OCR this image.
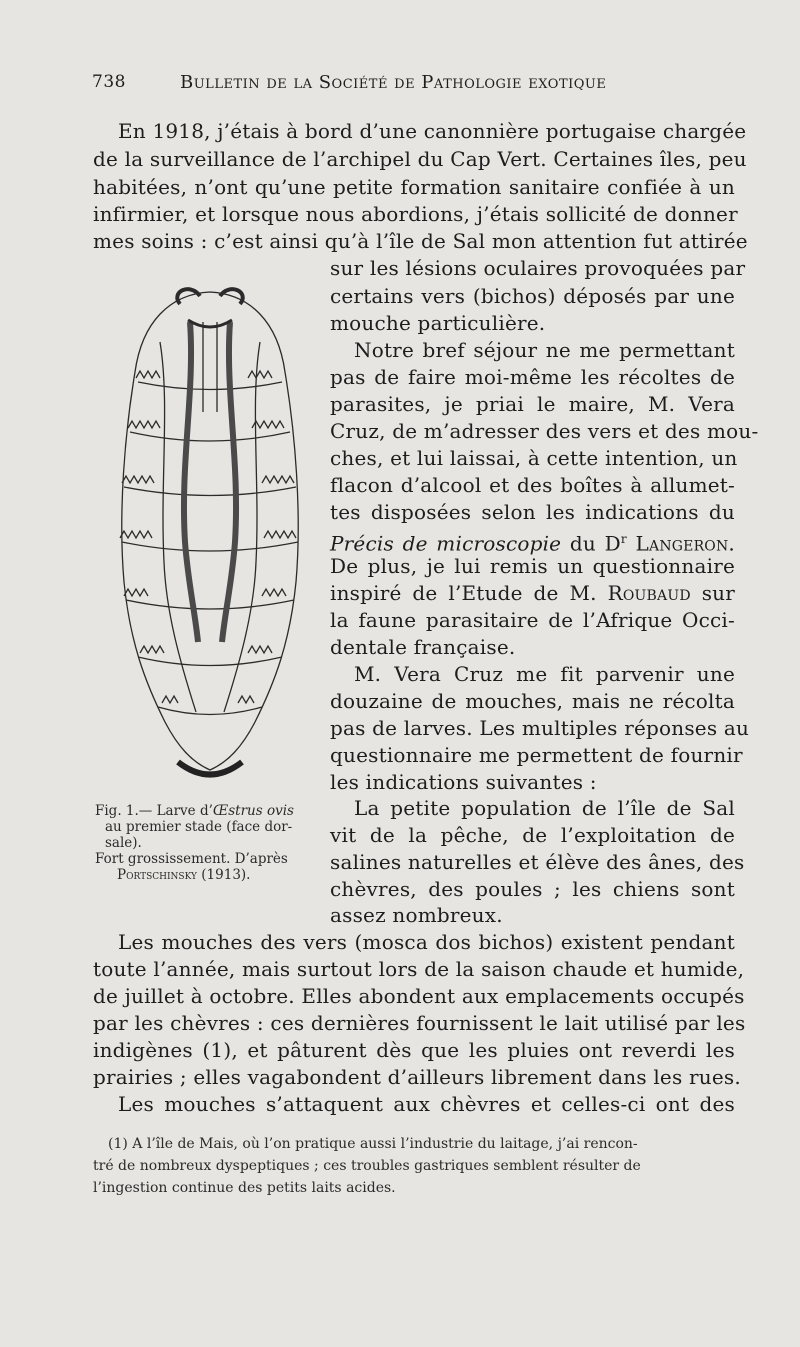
738	Bulletin de la Société de Pathologie exotique
En 1918, j’étais à bord d’une canonnière portugaise chargée
de la surveillance de l’archipel du Cap Vert. Certaines îles, peu
habitées, n’ont qu’une petite formation sanitaire confiée à un
infirmier, et lorsque nous abordions, j’étais sollicité de donner
mes soins : c’est ainsi qu’à l’île de Sal mon attention fut attirée
sur les lésions oculaires provoquées par
certains vers (bichos) déposés par une
mouche particulière.
Notre bref séjour ne me permettant
pas de faire moi-même les récoltes de
parasites, je priai le maire, M. Vera
Cruz, de m’adresser des vers et des mou-
ches, et lui laissai, à cette intention, un
flacon d’alcool et des boîtes à allumet-
tes disposées selon les indications du
Précis de microscopie du $D^r$ Langeron.
De plus, je lui remis un questionnaire
inspiré de l’Etude de M. Roubaud sur
la faune parasitaire de l’Afrique Occi-
dentale française.
M. Vera Cruz me fit parvenir une
douzaine de mouches, mais ne récolta
pas de larves. Les multiples réponses au
questionnaire me permettent de fournir
les indications suivantes :
La petite population de l’île de Sal
vit de la pêche, de l’exploitation de
salines naturelles et élève des ânes, des
chèvres, des poules ; les chiens sont
assez nombreux.
Les mouches des vers (mosca dos bichos) existent pendant
toute l’année, mais surtout lors de la saison chaude et humide,
de juillet à octobre. Elles abondent aux emplacements occupés
par les chèvres : ces dernières fournissent le lait utilisé par les
indigènes (1), et pâturent dès que les pluies ont reverdi les
prairies ; elles vagabondent d’ailleurs librement dans les rues.
Les mouches s’attaquent aux chèvres et celles-ci ont des
Fig. 1.— Larve d’Œstrus ovis
au premier stade (face dor-
sale).
Fort grossissement. D’après
Portschinsky (1913).
(1) A l’île de Mais, où l’on pratique aussi l’industrie du laitage, j’ai rencon-
tré de nombreux dyspeptiques ; ces troubles gastriques semblent résulter de
l’ingestion continue des petits laits acides.
